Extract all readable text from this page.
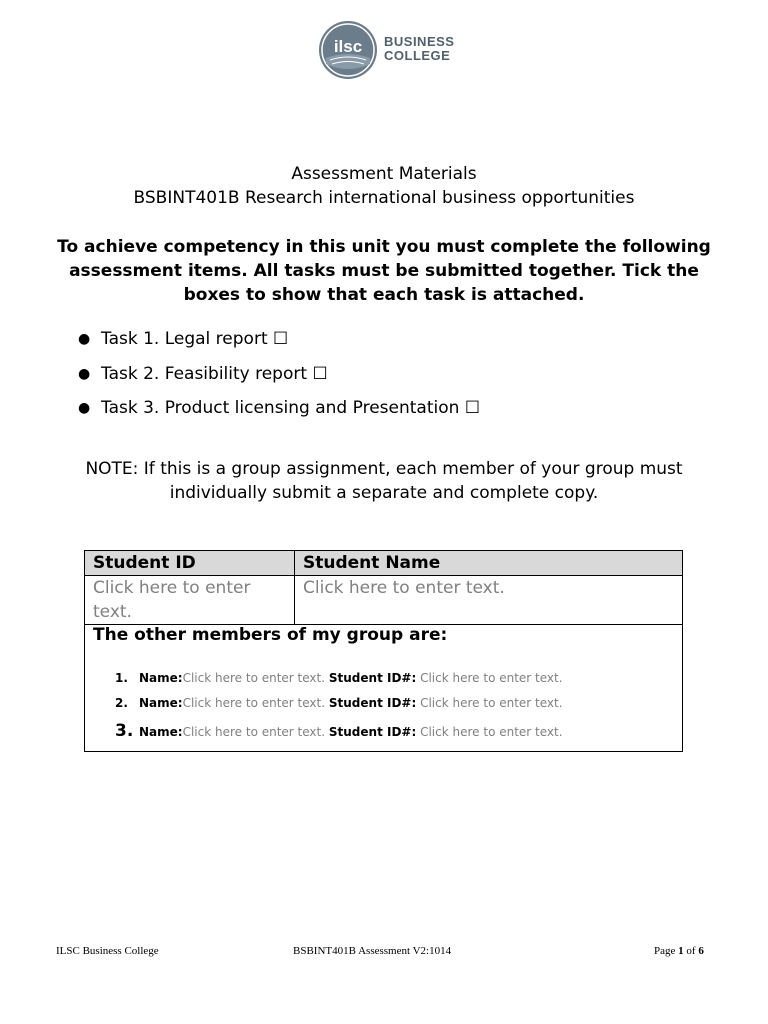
ilsc BUSINESS
COLLEGE
Assessment Materials
BSBINT401B Research international business opportunities
To achieve competency in this unit you must complete the following assessment items. All tasks must be submitted together. Tick the boxes to show that each task is attached.
● Task 1. Legal report
☐
● Task 2. Feasibility report
☐
● Task 3. Product licensing and Presentation
☐
NOTE: If this is a group assignment, each member of your group must individually submit a separate and complete copy.
Student ID	Student Name
Click here to enter text.	Click here to enter text.
The other members of my group are:
1. Name:Click here to enter text. Student ID#: Click here to enter text.
2. Name:Click here to enter text. Student ID#: Click here to enter text.
3. Name:Click here to enter text. Student ID#: Click here to enter text.
ILSC Business College	BSBINT401B Assessment V2:1014	Page 1 of 6
